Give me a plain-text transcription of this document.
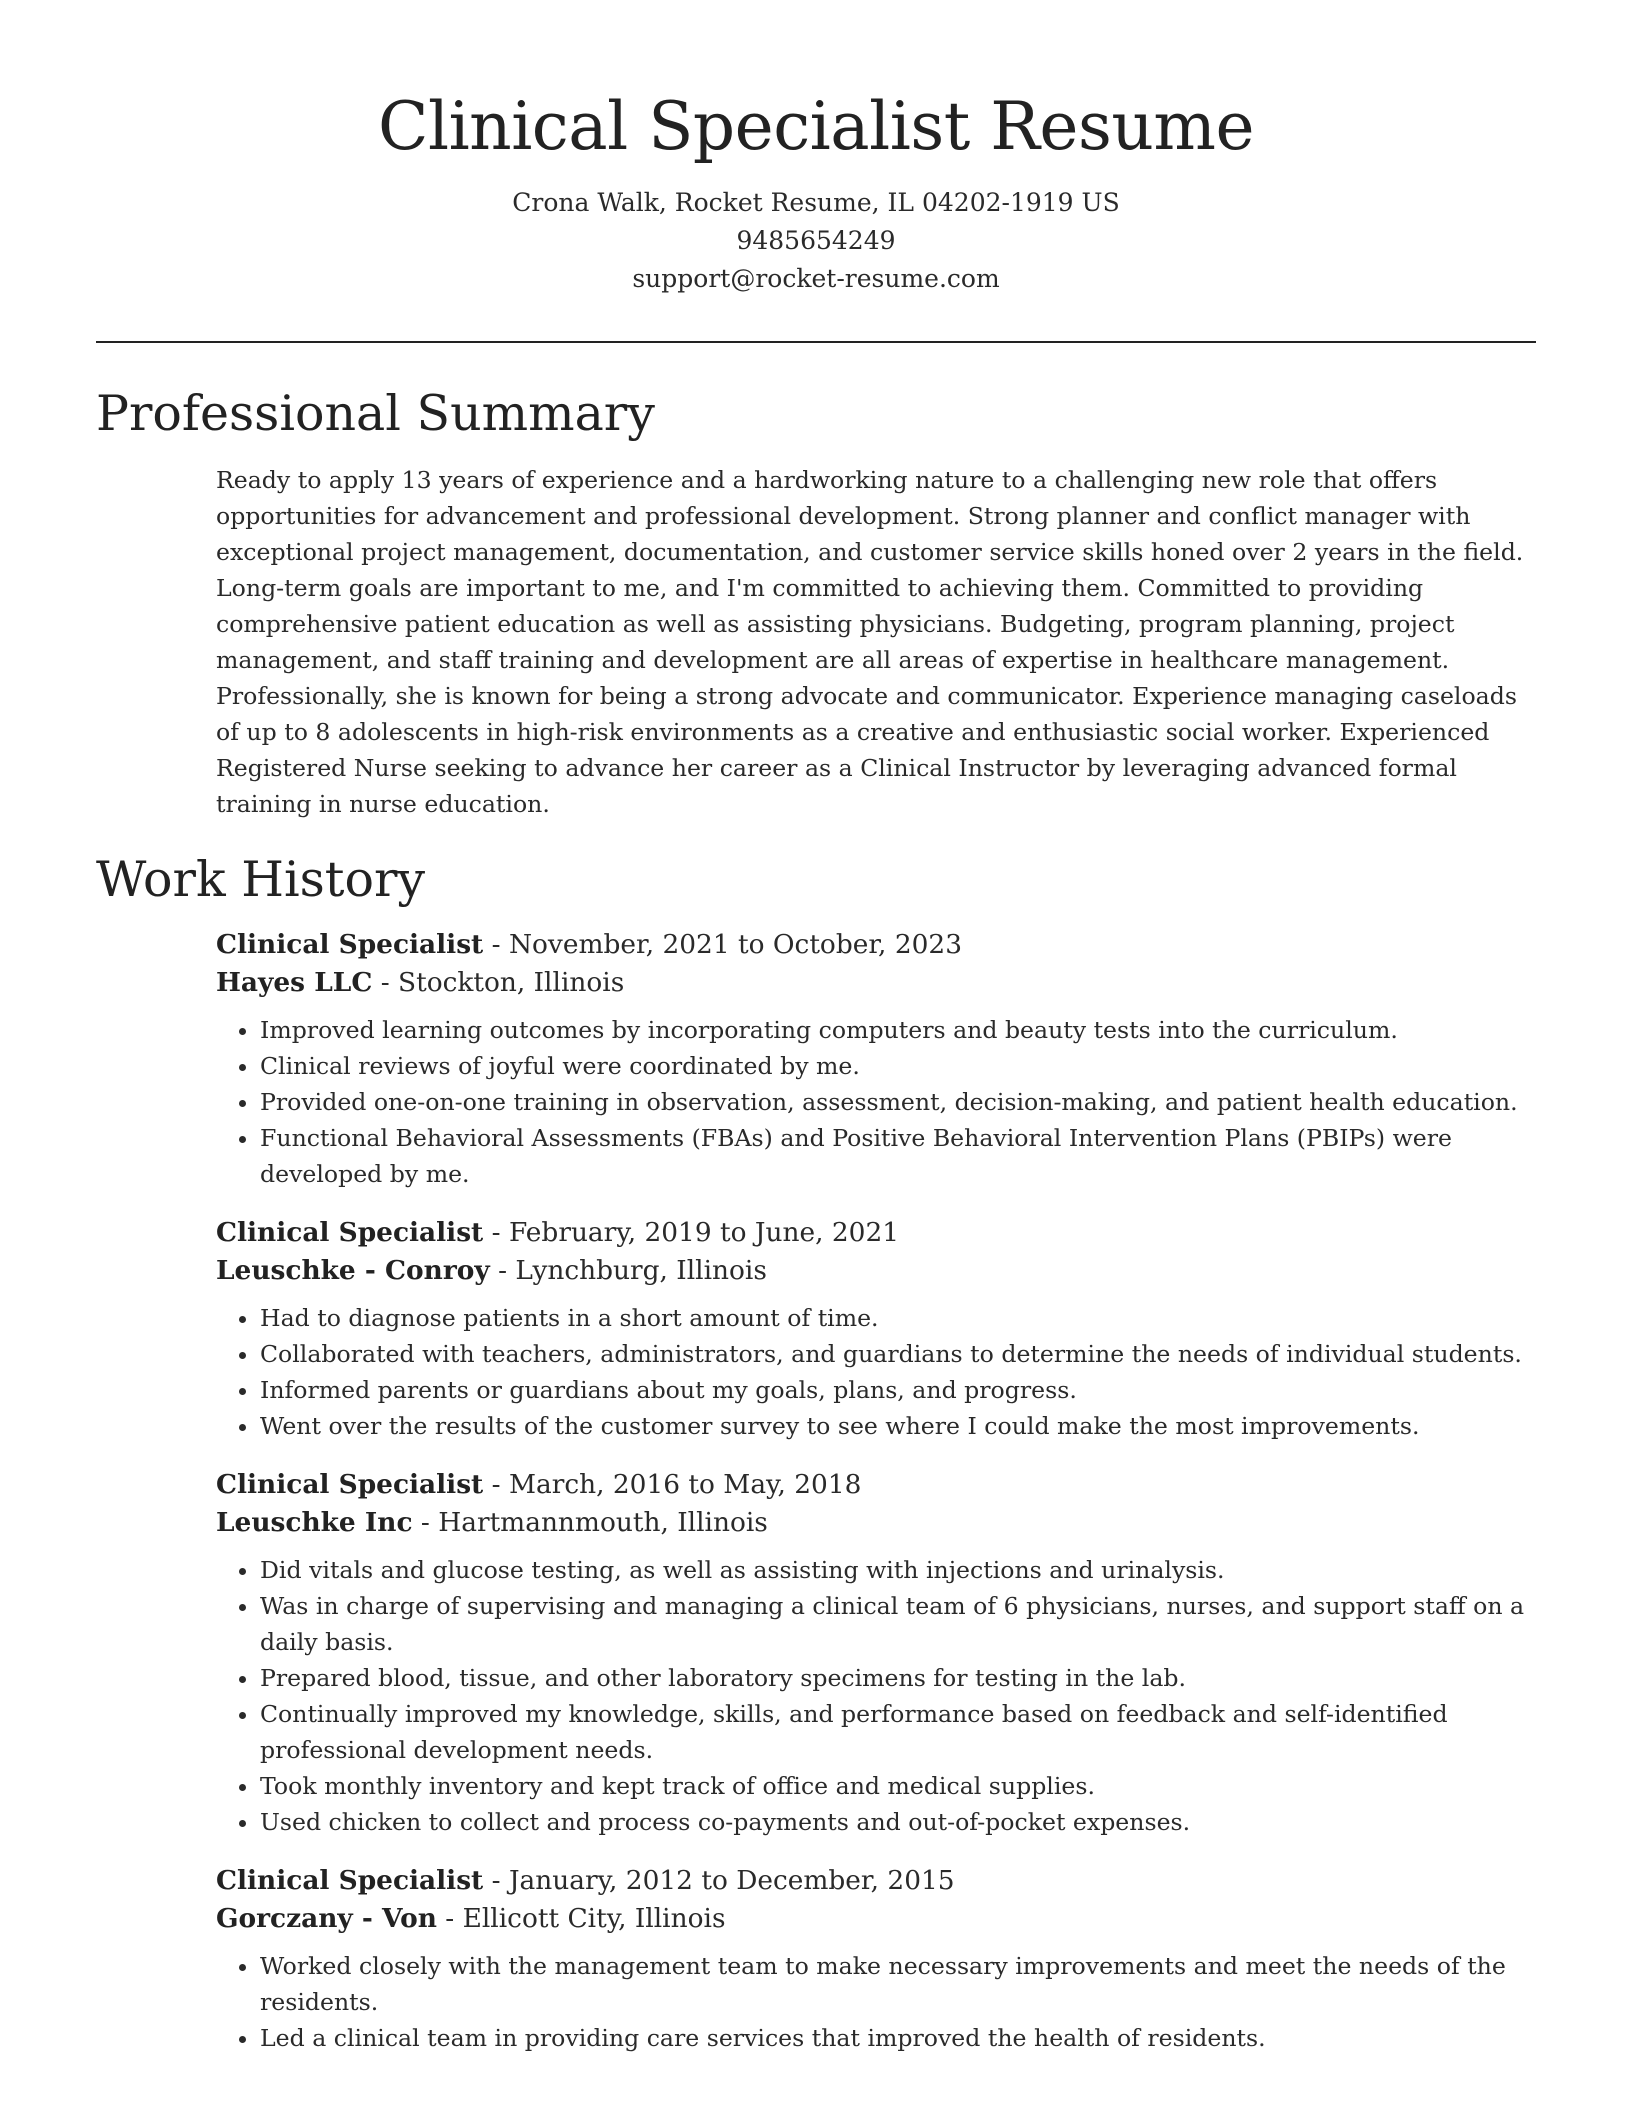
Clinical Specialist Resume
Crona Walk, Rocket Resume, IL 04202-1919 US
9485654249
support@rocket-resume.com
Professional Summary

Ready to apply 13 years of experience and a hardworking nature to a challenging new role that offers opportunities for advancement and professional development. Strong planner and conflict manager with exceptional project management, documentation, and customer service skills honed over 2 years in the field. Long-term goals are important to me, and I'm committed to achieving them. Committed to providing comprehensive patient education as well as assisting physicians. Budgeting, program planning, project management, and staff training and development are all areas of expertise in healthcare management. Professionally, she is known for being a strong advocate and communicator. Experience managing caseloads of up to 8 adolescents in high-risk environments as a creative and enthusiastic social worker. Experienced Registered Nurse seeking to advance her career as a Clinical Instructor by leveraging advanced formal training in nurse education.

Work History
Clinical Specialist - November, 2021 to October, 2023
Hayes LLC - Stockton, Illinois
• Improved learning outcomes by incorporating computers and beauty tests into the curriculum.
• Clinical reviews of joyful were coordinated by me.
• Provided one-on-one training in observation, assessment, decision-making, and patient health education.
• Functional Behavioral Assessments (FBAs) and Positive Behavioral Intervention Plans (PBIPs) were developed by me.
Clinical Specialist - February, 2019 to June, 2021
Leuschke - Conroy - Lynchburg, Illinois
• Had to diagnose patients in a short amount of time.
• Collaborated with teachers, administrators, and guardians to determine the needs of individual students.
• Informed parents or guardians about my goals, plans, and progress.
• Went over the results of the customer survey to see where I could make the most improvements.
Clinical Specialist - March, 2016 to May, 2018
Leuschke Inc - Hartmannmouth, Illinois
• Did vitals and glucose testing, as well as assisting with injections and urinalysis.
• Was in charge of supervising and managing a clinical team of 6 physicians, nurses, and support staff on a daily basis.
• Prepared blood, tissue, and other laboratory specimens for testing in the lab.
• Continually improved my knowledge, skills, and performance based on feedback and self-identified professional development needs.
• Took monthly inventory and kept track of office and medical supplies.
• Used chicken to collect and process co-payments and out-of-pocket expenses.
Clinical Specialist - January, 2012 to December, 2015
Gorczany - Von - Ellicott City, Illinois
• Worked closely with the management team to make necessary improvements and meet the needs of the residents.
• Led a clinical team in providing care services that improved the health of residents.
